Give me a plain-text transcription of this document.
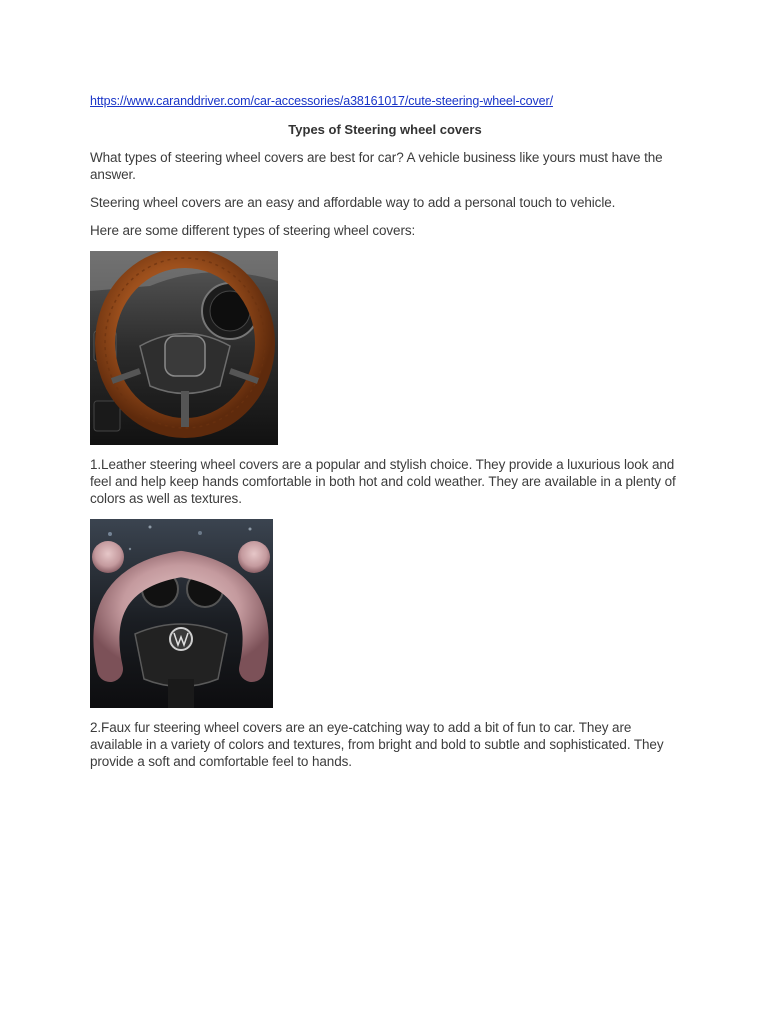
https://www.caranddriver.com/car-accessories/a38161017/cute-steering-wheel-cover/
Types of Steering wheel covers

What types of steering wheel covers are best for car? A vehicle business like yours must have the answer.

Steering wheel covers are an easy and affordable way to add a personal touch to vehicle.

Here are some different types of steering wheel covers:

1.Leather steering wheel covers are a popular and stylish choice. They provide a luxurious look and feel and help keep hands comfortable in both hot and cold weather. They are available in a plenty of colors as well as textures.

2.Faux fur steering wheel covers are an eye-catching way to add a bit of fun to car. They are available in a variety of colors and textures, from bright and bold to subtle and sophisticated. They provide a soft and comfortable feel to hands.
